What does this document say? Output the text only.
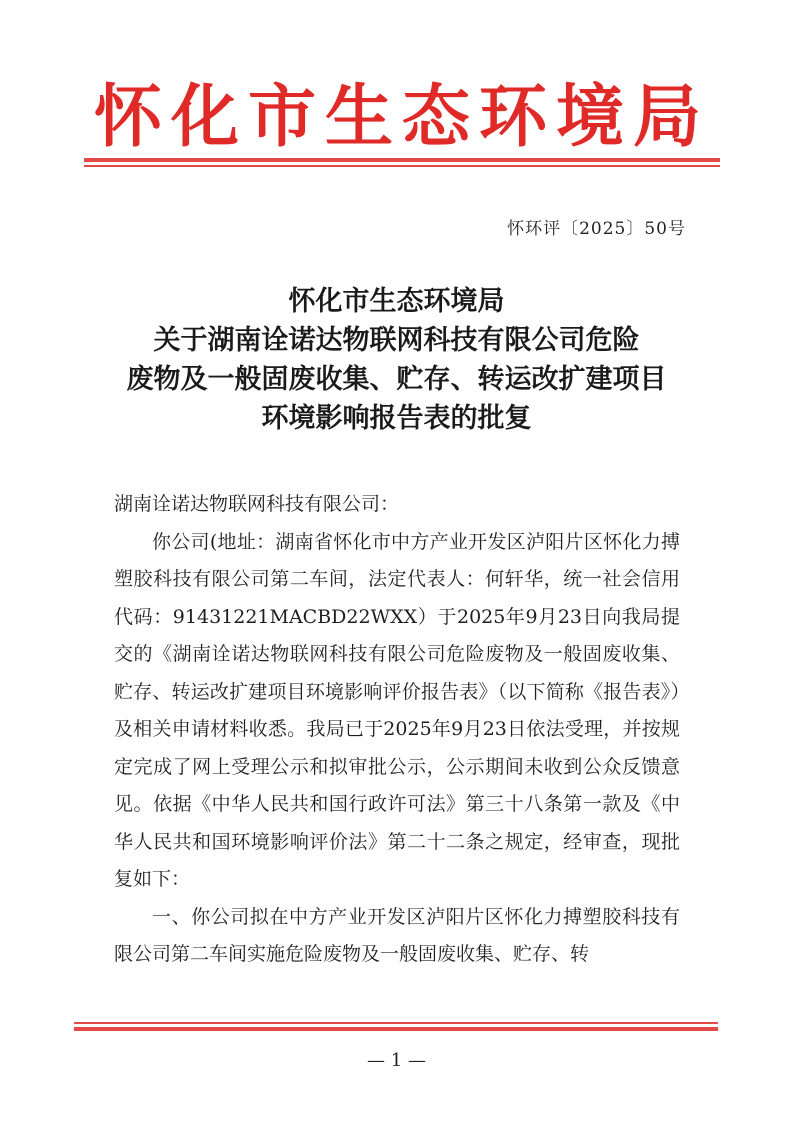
怀化市生态环境局
怀环评〔2025〕50号
怀化市生态环境局
关于湖南诠诺达物联网科技有限公司危险
废物及一般固废收集、贮存、转运改扩建项目
环境影响报告表的批复

湖南诠诺达物联网科技有限公司：

你公司(地址：湖南省怀化市中方产业开发区泸阳片区怀化力搏塑胶科技有限公司第二车间，法定代表人：何轩华，统一社会信用代码：91431221MACBD22WXX）于2025年9月23日向我局提交的《湖南诠诺达物联网科技有限公司危险废物及一般固废收集、贮存、转运改扩建项目环境影响评价报告表》（以下简称《报告表》）及相关申请材料收悉。我局已于2025年9月23日依法受理，并按规定完成了网上受理公示和拟审批公示，公示期间未收到公众反馈意见。依据《中华人民共和国行政许可法》第三十八条第一款及《中华人民共和国环境影响评价法》第二十二条之规定，经审查，现批复如下：

一、你公司拟在中方产业开发区泸阳片区怀化力搏塑胶科技有限公司第二车间实施危险废物及一般固废收集、贮存、转

— 1 —
